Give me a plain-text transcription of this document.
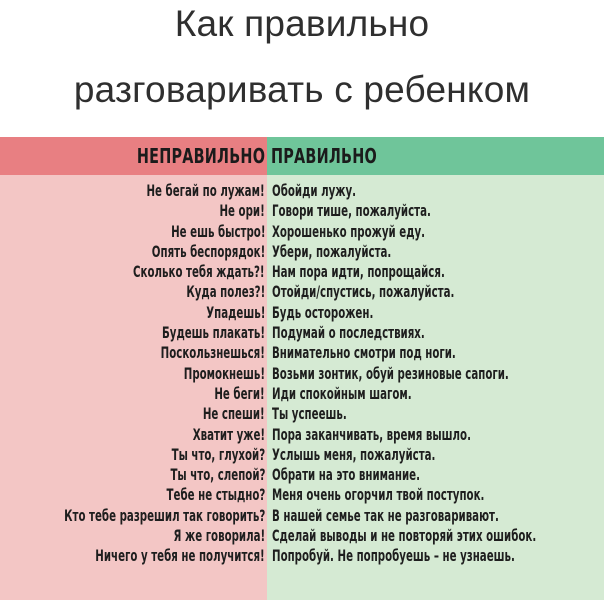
Как правильно
разговаривать с ребенком
НЕПРАВИЛЬНО ПРАВИЛЬНО
Не бегай по лужам! Обойди лужу.
Не ори! Говори тише, пожалуйста.
Не ешь быстро! Хорошенько прожуй еду.
Опять беспорядок! Убери, пожалуйста.
Сколько тебя ждать?! Нам пора идти, попрощайся.
Куда полез?! Отойди/спустись, пожалуйста.
Упадешь! Будь осторожен.
Будешь плакать! Подумай о последствиях.
Поскользнешься! Внимательно смотри под ноги.
Промокнешь! Возьми зонтик, обуй резиновые сапоги.
Не беги! Иди спокойным шагом.
Не спеши! Ты успеешь.
Хватит уже! Пора заканчивать, время вышло.
Ты что, глухой? Услышь меня, пожалуйста.
Ты что, слепой? Обрати на это внимание.
Тебе не стыдно? Меня очень огорчил твой поступок.
Кто тебе разрешил так говорить? В нашей семье так не разговаривают.
Я же говорила! Сделай выводы и не повторяй этих ошибок.
Ничего у тебя не получится! Попробуй. Не попробуешь – не узнаешь.
